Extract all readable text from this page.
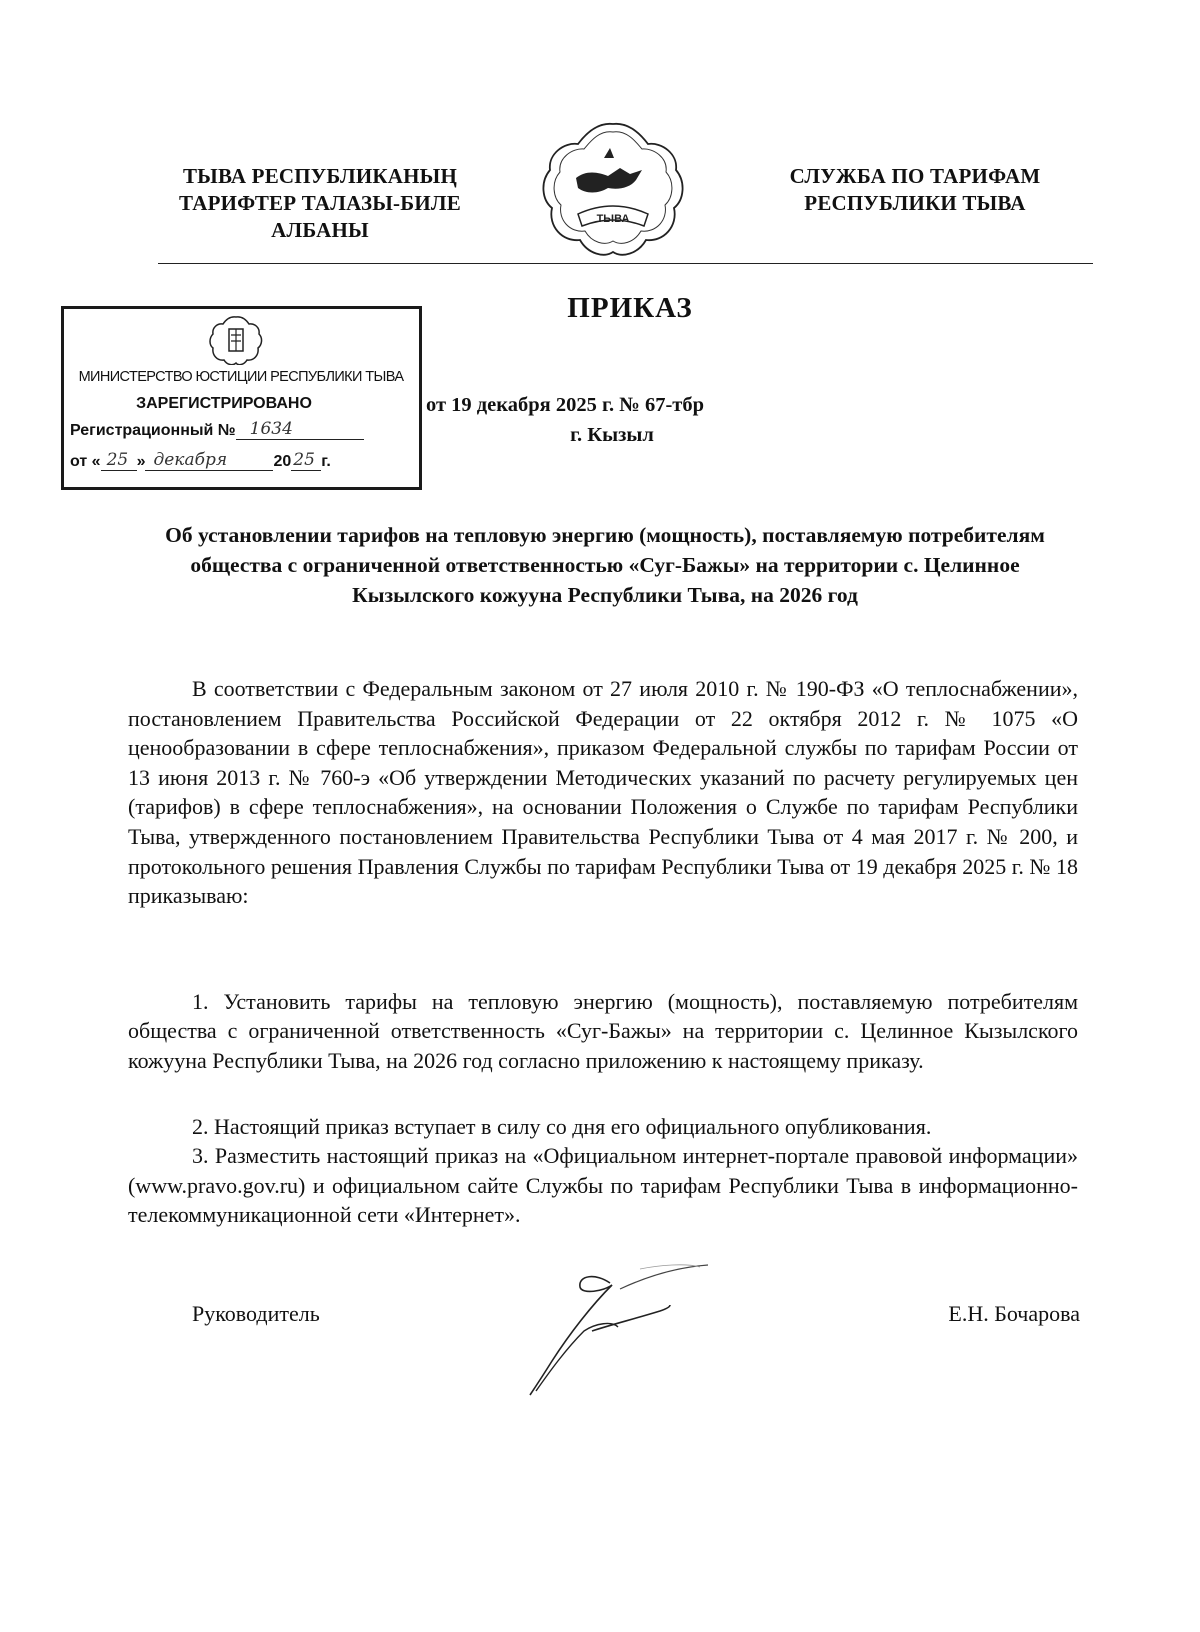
ТЫВА РЕСПУБЛИКАНЫҢ
ТАРИФТЕР ТАЛАЗЫ-БИЛЕ
АЛБАНЫ	ТЫВА
СЛУЖБА ПО ТАРИФАМ
РЕСПУБЛИКИ ТЫВА
ПРИКАЗ
МИНИСТЕРСТВО ЮСТИЦИИ РЕСПУБЛИКИ ТЫВА
ЗАРЕГИСТРИРОВАНО
Регистрационный № 1634
от « 25 » декабря	20 25 г.
от 19 декабря 2025 г. № 67-тбр
г. Кызыл
Об установлении тарифов на тепловую энергию (мощность), поставляемую потребителям общества с ограниченной ответственностью «Суг-Бажы» на территории с. Целинное Кызылского кожууна Республики Тыва, на 2026 год
В соответствии с Федеральным законом от 27 июля 2010 г. № 190-ФЗ «О теплоснабжении», постановлением Правительства Российской Федерации от 22 октября 2012 г. № 1075 «О ценообразовании в сфере теплоснабжения», приказом Федеральной службы по тарифам России от 13 июня 2013 г. № 760-э «Об утверждении Методических указаний по расчету регулируемых цен (тарифов) в сфере теплоснабжения», на основании Положения о Службе по тарифам Республики Тыва, утвержденного постановлением Правительства Республики Тыва от 4 мая 2017 г. № 200, и протокольного решения Правления Службы по тарифам Республики Тыва от 19 декабря 2025 г. № 18 приказываю:
1. Установить тарифы на тепловую энергию (мощность), поставляемую потребителям общества с ограниченной ответственность «Суг-Бажы» на территории с. Целинное Кызылского кожууна Республики Тыва, на 2026 год согласно приложению к настоящему приказу.
2. Настоящий приказ вступает в силу со дня его официального опубликования.
3. Разместить настоящий приказ на «Официальном интернет-портале правовой информации» (www.pravo.gov.ru) и официальном сайте Службы по тарифам Республики Тыва в информационно-телекоммуникационной сети «Интернет».
Руководитель	Е.Н. Бочарова
